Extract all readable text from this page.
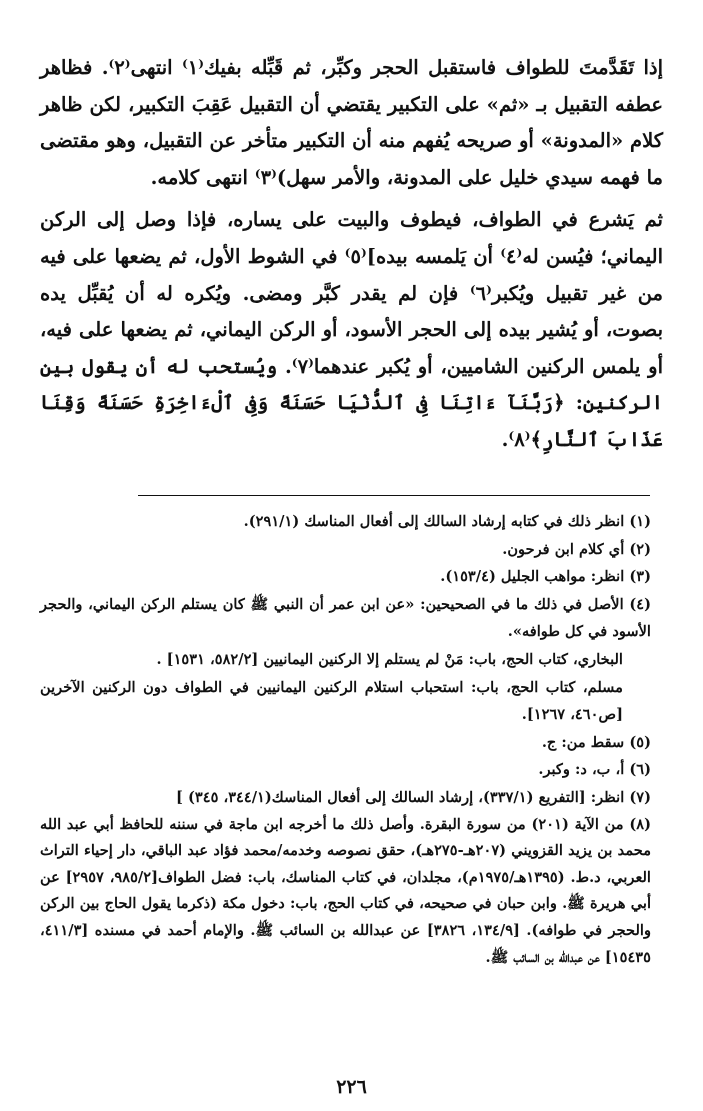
إذا تَقَدَّمتَ للطواف فاستقبل الحجر وكبِّر، ثم قَبِّله بفيك⁽١⁾ انتهى⁽٢⁾. فظاهر عطفه التقبيل بـ «ثم» على التكبير يقتضي أن التقبيل عَقِبَ التكبير، لكن ظاهر كلام «المدونة» أو صريحه يُفهم منه أن التكبير متأخر عن التقبيل، وهو مقتضى ما فهمه سيدي خليل على المدونة، والأمر سهل)⁽٣⁾ انتهى كلامه.

ثم يَشرع في الطواف، فيطوف والبيت على يساره، فإذا وصل إلى الركن اليماني؛ فيُسن له⁽٤⁾ أن يَلمسه بيده]⁽٥⁾ في الشوط الأول، ثم يضعها على فيه من غير تقبيل ويُكبر⁽٦⁾ فإن لم يقدر كبَّر ومضى. ويُكره له أن يُقبِّل يده بصوت، أو يُشير بيده إلى الحجر الأسود، أو الركن اليماني، ثم يضعها على فيه، أو يلمس الركنين الشاميين، أو يُكبر عندهما⁽٧⁾. ويُستحب له أن يقول بين الركنين: ﴿رَبَّنَآ ءَاتِنَا فِى ٱلدُّنْيَا حَسَنَةً وَفِى ٱلْءَاخِرَةِ حَسَنَةً وَقِنَا عَذَابَ ٱلنَّارِ﴾⁽٨⁾.

(١) انظر ذلك في كتابه إرشاد السالك إلى أفعال المناسك (٢٩١/١).

(٢) أي كلام ابن فرحون.

(٣) انظر: مواهب الجليل (١٥٣/٤).

(٤) الأصل في ذلك ما في الصحيحين: «عن ابن عمر أن النبي ﷺ كان يستلم الركن اليماني، والحجر الأسود في كل طوافه».

البخاري، كتاب الحج، باب: مَنْ لم يستلم إلا الركنين اليمانيين [٥٨٢/٢، ١٥٣١] .

مسلم، كتاب الحج، باب: استحباب استلام الركنين اليمانيين في الطواف دون الركنين الآخرين [ص٤٦٠، ١٢٦٧].

(٥) سقط من: ج.

(٦) أ، ب، د: وكبر.

(٧) انظر: [التفريع (٣٣٧/١)، إرشاد السالك إلى أفعال المناسك(٣٤٤/١، ٣٤٥) ]

(٨) من الآية (٢٠١) من سورة البقرة. وأصل ذلك ما أخرجه ابن ماجة في سننه للحافظ أبي عبد الله محمد بن يزيد القزويني (٢٠٧هـ-٢٧٥هـ)، حقق نصوصه وخدمه/محمد فؤاد عبد الباقي، دار إحياء التراث العربي، د.ط. (١٣٩٥هـ/١٩٧٥م)، مجلدان، في كتاب المناسك، باب: فضل الطواف[٩٨٥/٢، ٢٩٥٧] عن أبي هريرة ﷺ. وابن حبان في صحيحه، في كتاب الحج، باب: دخول مكة (ذكرما يقول الحاج بين الركن والحجر في طوافه). [١٣٤/٩، ٣٨٢٦] عن عبدالله بن السائب ﷺ. والإمام أحمد في مسنده [٤١١/٣، ١٥٤٣٥] عن عبدالله بن السائب ﷺ.

٢٢٦
